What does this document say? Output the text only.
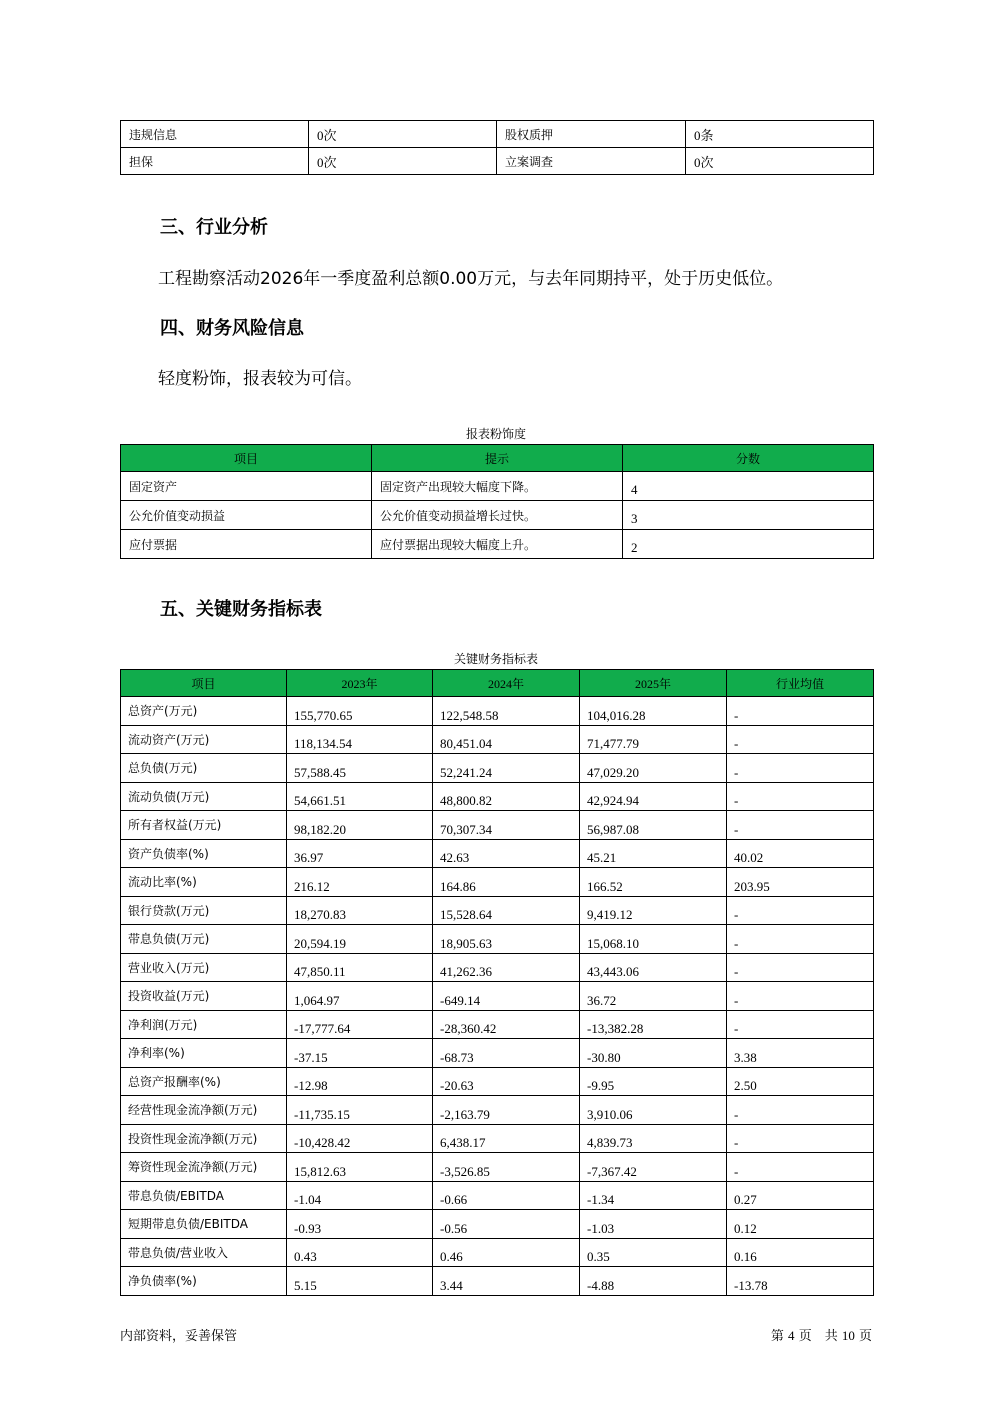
违规信息	0次	股权质押	0条
担保	0次	立案调查	0次
三、行业分析
工程勘察活动2026年一季度盈利总额0.00万元，与去年同期持平，处于历史低位。
四、财务风险信息
轻度粉饰，报表较为可信。
报表粉饰度
项目	提示	分数
固定资产	固定资产出现较大幅度下降。	4
公允价值变动损益	公允价值变动损益增长过快。	3
应付票据	应付票据出现较大幅度上升。	2
五、关键财务指标表
关键财务指标表
项目	2023年	2024年	2025年	行业均值
总资产(万元)	155,770.65	122,548.58	104,016.28	-
流动资产(万元)	118,134.54	80,451.04	71,477.79	-
总负债(万元)	57,588.45	52,241.24	47,029.20	-
流动负债(万元)	54,661.51	48,800.82	42,924.94	-
所有者权益(万元)	98,182.20	70,307.34	56,987.08	-
资产负债率(%)	36.97	42.63	45.21	40.02
流动比率(%)	216.12	164.86	166.52	203.95
银行贷款(万元)	18,270.83	15,528.64	9,419.12	-
带息负债(万元)	20,594.19	18,905.63	15,068.10	-
营业收入(万元)	47,850.11	41,262.36	43,443.06	-
投资收益(万元)	1,064.97	-649.14	36.72	-
净利润(万元)	-17,777.64	-28,360.42	-13,382.28	-
净利率(%)	-37.15	-68.73	-30.80	3.38
总资产报酬率(%)	-12.98	-20.63	-9.95	2.50
经营性现金流净额(万元)	-11,735.15	-2,163.79	3,910.06	-
投资性现金流净额(万元)	-10,428.42	6,438.17	4,839.73	-
筹资性现金流净额(万元)	15,812.63	-3,526.85	-7,367.42	-
带息负债/EBITDA	-1.04	-0.66	-1.34	0.27
短期带息负债/EBITDA	-0.93	-0.56	-1.03	0.12
带息负债/营业收入	0.43	0.46	0.35	0.16
净负债率(%)	5.15	3.44	-4.88	-13.78
内部资料，妥善保管	第 4 页　共 10 页
